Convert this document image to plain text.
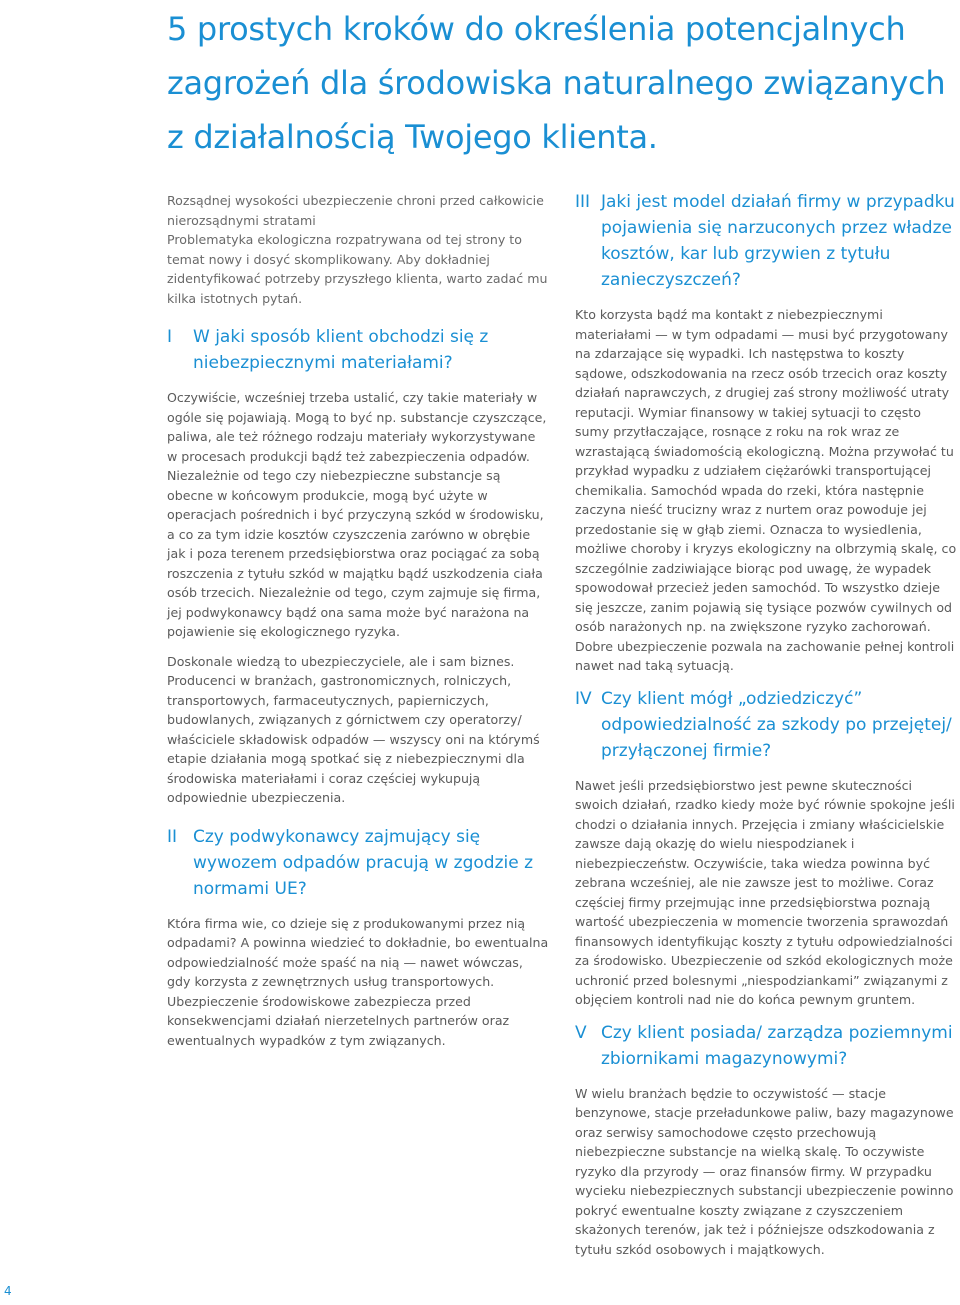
5 prostych kroków do określenia potencjalnych zagrożeń dla środowiska naturalnego związanych z działalnością Twojego klienta.

Rozsądnej wysokości ubezpieczenie chroni przed całkowicie nierozsądnymi stratami

Problematyka ekologiczna rozpatrywana od tej strony to temat nowy i dosyć skomplikowany. Aby dokładniej zidentyfikować potrzeby przyszłego klienta, warto zadać mu kilka istotnych pytań.

I	W jaki sposób klient obchodzi się z niebezpiecznymi materiałami?

Oczywiście, wcześniej trzeba ustalić, czy takie materiały w ogóle się pojawiają. Mogą to być np. substancje czyszczące, paliwa, ale też różnego rodzaju materiały wykorzystywane w procesach produkcji bądź też zabezpieczenia odpadów. Niezależnie od tego czy niebezpieczne substancje są obecne w końcowym produkcie, mogą być użyte w operacjach pośrednich i być przyczyną szkód w środowisku, a co za tym idzie kosztów czyszczenia zarówno w obrębie jak i poza terenem przedsiębiorstwa oraz pociągać za sobą roszczenia z tytułu szkód w majątku bądź uszkodzenia ciała osób trzecich. Niezależnie od tego, czym zajmuje się firma, jej podwykonawcy bądź ona sama może być narażona na pojawienie się ekologicznego ryzyka.

Doskonale wiedzą to ubezpieczyciele, ale i sam biznes. Producenci w branżach, gastronomicznych, rolniczych, transportowych, farmaceutycznych, papierniczych, budowlanych, związanych z górnictwem czy operatorzy/ właściciele składowisk odpadów — wszyscy oni na którymś etapie działania mogą spotkać się z niebezpiecznymi dla środowiska materiałami i coraz częściej wykupują odpowiednie ubezpieczenia.

II Czy podwykonawcy zajmujący się wywozem odpadów pracują w zgodzie z normami UE?

Która firma wie, co dzieje się z produkowanymi przez nią odpadami? A powinna wiedzieć to dokładnie, bo ewentualna odpowiedzialność może spaść na nią — nawet wówczas, gdy korzysta z zewnętrznych usług transportowych. Ubezpieczenie środowiskowe zabezpiecza przed konsekwencjami działań nierzetelnych partnerów oraz ewentualnych wypadków z tym związanych.

III Jaki jest model działań firmy w przypadku pojawienia się narzuconych przez władze kosztów, kar lub grzywien z tytułu zanieczyszczeń?

Kto korzysta bądź ma kontakt z niebezpiecznymi materiałami — w tym odpadami — musi być przygotowany na zdarzające się wypadki. Ich następstwa to koszty sądowe, odszkodowania na rzecz osób trzecich oraz koszty działań naprawczych, z drugiej zaś strony możliwość utraty reputacji. Wymiar finansowy w takiej sytuacji to często sumy przytłaczające, rosnące z roku na rok wraz ze wzrastającą świadomością ekologiczną. Można przywołać tu przykład wypadku z udziałem ciężarówki transportującej chemikalia. Samochód wpada do rzeki, która następnie zaczyna nieść trucizny wraz z nurtem oraz powoduje jej przedostanie się w głąb ziemi. Oznacza to wysiedlenia, możliwe choroby i kryzys ekologiczny na olbrzymią skalę, co szczególnie zadziwiające biorąc pod uwagę, że wypadek spowodował przecież jeden samochód. To wszystko dzieje się jeszcze, zanim pojawią się tysiące pozwów cywilnych od osób narażonych np. na zwiększone ryzyko zachorowań. Dobre ubezpieczenie pozwala na zachowanie pełnej kontroli nawet nad taką sytuacją.

IV Czy klient mógł „odziedziczyć” odpowiedzialność za szkody po przejętej/ przyłączonej firmie?

Nawet jeśli przedsiębiorstwo jest pewne skuteczności swoich działań, rzadko kiedy może być równie spokojne jeśli chodzi o działania innych. Przejęcia i zmiany właścicielskie zawsze dają okazję do wielu niespodzianek i niebezpieczeństw. Oczywiście, taka wiedza powinna być zebrana wcześniej, ale nie zawsze jest to możliwe. Coraz częściej firmy przejmując inne przedsiębiorstwa poznają wartość ubezpieczenia w momencie tworzenia sprawozdań finansowych identyfikując koszty z tytułu odpowiedzialności za środowisko. Ubezpieczenie od szkód ekologicznych może uchronić przed bolesnymi „niespodziankami” związanymi z objęciem kontroli nad nie do końca pewnym gruntem.

V Czy klient posiada/ zarządza poziemnymi zbiornikami magazynowymi?

W wielu branżach będzie to oczywistość — stacje benzynowe, stacje przeładunkowe paliw, bazy magazynowe oraz serwisy samochodowe często przechowują niebezpieczne substancje na wielką skalę. To oczywiste ryzyko dla przyrody — oraz finansów firmy. W przypadku wycieku niebezpiecznych substancji ubezpieczenie powinno pokryć ewentualne koszty związane z czyszczeniem skażonych terenów, jak też i późniejsze odszkodowania z tytułu szkód osobowych i majątkowych.

4
